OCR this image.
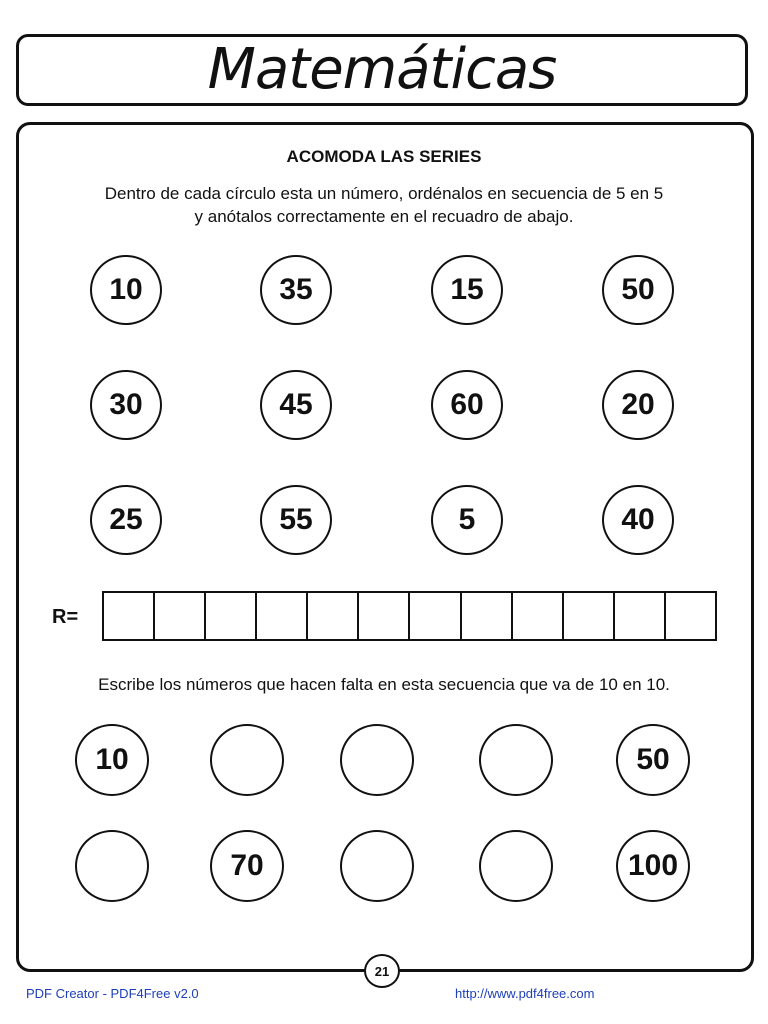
Matemáticas
ACOMODA LAS SERIES
Dentro de cada círculo esta un número, ordénalos en secuencia de 5 en 5
y anótalos correctamente en el recuadro de abajo.
10	35	15	50
30	45	60	20
25	55	5	40
R=
Escribe los números que hacen falta en esta secuencia que va de 10 en 10.
10	50
70	100
21
PDF Creator - PDF4Free v2.0	http://www.pdf4free.com
